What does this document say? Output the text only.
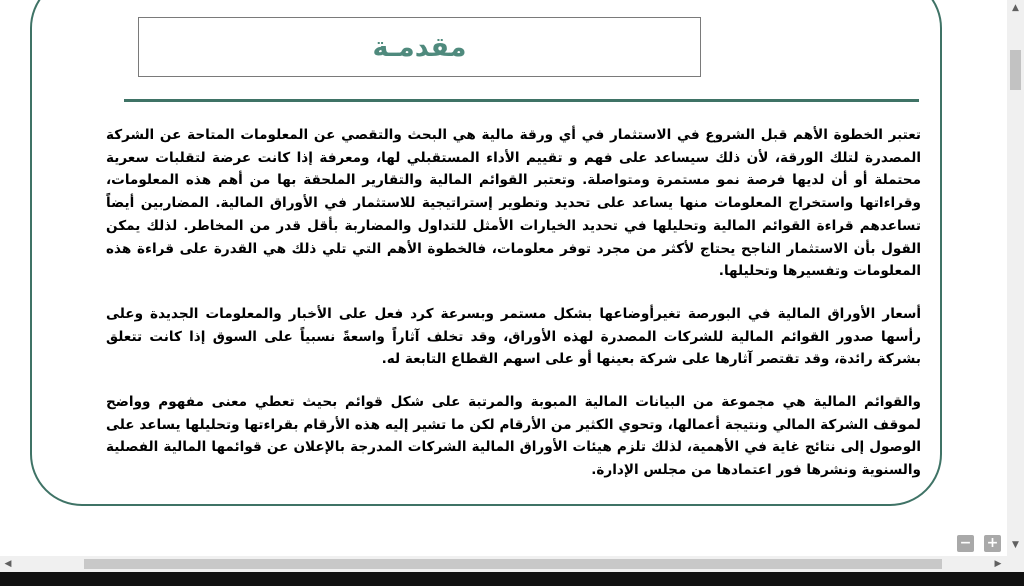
مقدمـة

تعتبر الخطوة الأهم قبل الشروع في الاستثمار في أي ورقة مالية هي البحث والتقصي عن المعلومات المتاحة عن الشركة المصدرة لتلك الورقة، لأن ذلك سيساعد على فهم و تقييم الأداء المستقبلي لها، ومعرفة إذا كانت عرضة لتقلبات سعرية محتملة أو أن لديها فرصة نمو مستمرة ومتواصلة. وتعتبر القوائم المالية والتقارير الملحقة بها من أهم هذه المعلومات، وقراءاتها واستخراج المعلومات منها يساعد على تحديد وتطوير إستراتيجية للاستثمار في الأوراق المالية. المضاربين أيضاً تساعدهم قراءة القوائم المالية وتحليلها في تحديد الخيارات الأمثل للتداول والمضاربة بأقل قدر من المخاطر. لذلك يمكن القول بأن الاستثمار الناجح يحتاج لأكثر من مجرد توفر معلومات، فالخطوة الأهم التي تلي ذلك هي القدرة على قراءة هذه المعلومات وتفسيرها وتحليلها.

أسعار الأوراق المالية في البورصة تغيرأوضاعها بشكل مستمر وبسرعة كرد فعل على الأخبار والمعلومات الجديدة وعلى رأسها صدور القوائم المالية للشركات المصدرة لهذه الأوراق، وقد تخلف آثاراً واسعةً نسبياً على السوق إذا كانت تتعلق بشركة رائدة، وقد تقتصر آثارها على شركة بعينها أو على اسهم القطاع التابعة له.

والقوائم المالية هي مجموعة من البيانات المالية المبوبة والمرتبة على شكل قوائم بحيث تعطي معنى مفهوم وواضح لموقف الشركة المالي ونتيجة أعمالها، وتحوي الكثير من الأرقام لكن ما تشير إليه هذه الأرقام بقراءتها وتحليلها يساعد على الوصول إلى نتائج غاية في الأهمية، لذلك تلزم هيئات الأوراق المالية الشركات المدرجة بالإعلان عن قوائمها المالية الفصلية والسنوية ونشرها فور اعتمادها من مجلس الإدارة.

▲
▼
◀	▶
− +
